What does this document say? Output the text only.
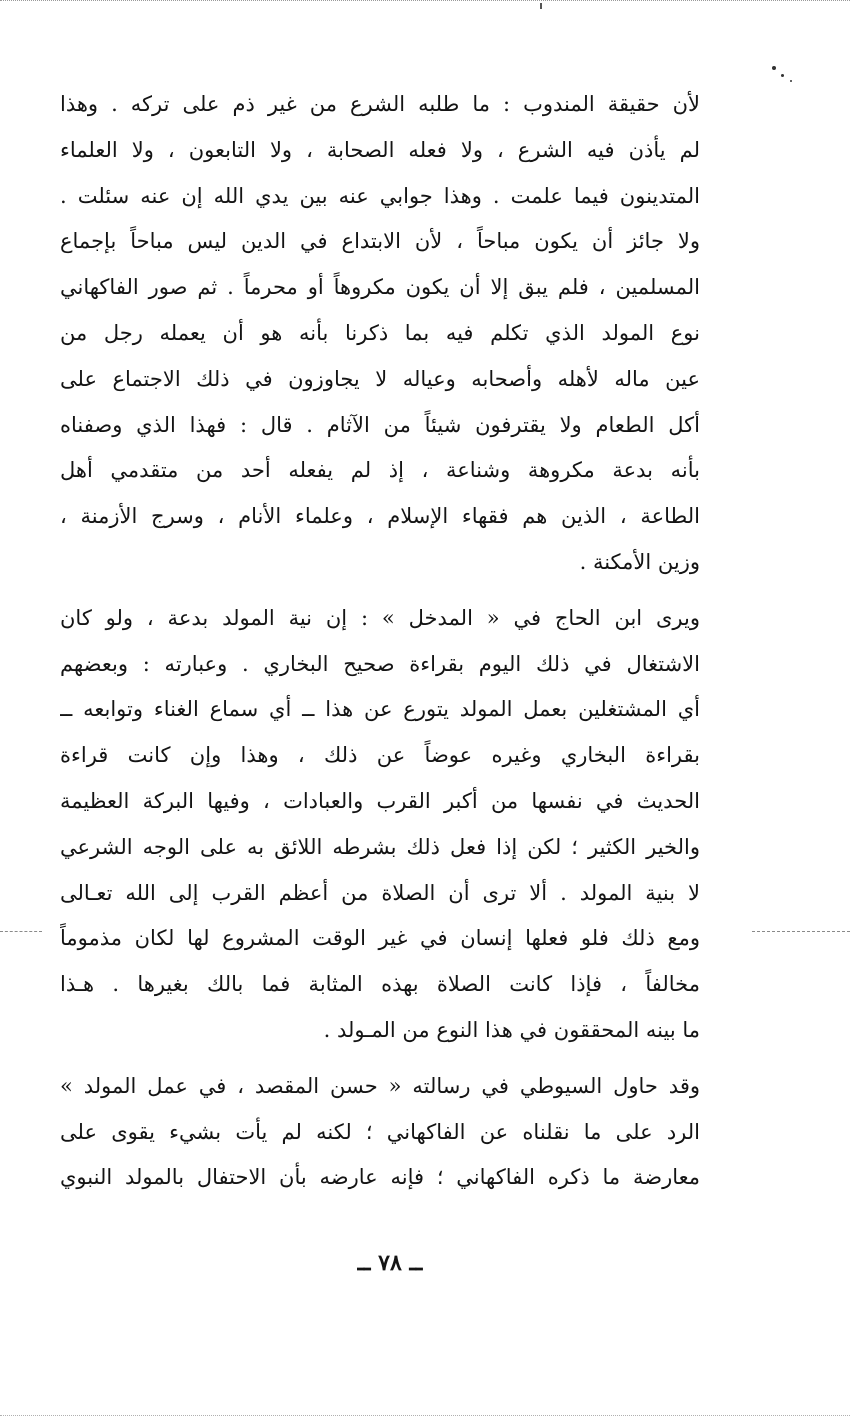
لأن حقيقة المندوب : ما طلبه الشرع من غير ذم على تركه . وهذا
لم يأذن فيه الشرع ، ولا فعله الصحابة ، ولا التابعون ، ولا العلماء
المتدينون فيما علمت . وهذا جوابي عنه بين يدي الله إن عنه سئلت .
ولا جائز أن يكون مباحاً ، لأن الابتداع في الدين ليس مباحاً بإجماع
المسلمين ، فلم يبق إلا أن يكون مكروهاً أو محرماً . ثم صور الفاكهاني
نوع المولد الذي تكلم فيه بما ذكرنا بأنه هو أن يعمله رجل من
عين ماله لأهله وأصحابه وعياله لا يجاوزون في ذلك الاجتماع على
أكل الطعام ولا يقترفون شيئاً من الآثام . قال : فهذا الذي وصفناه
بأنه بدعة مكروهة وشناعة ، إذ لم يفعله أحد من متقدمي أهل
الطاعة ، الذين هم فقهاء الإسلام ، وعلماء الأنام ، وسرج الأزمنة ،
وزين الأمكنة .
ويرى ابن الحاج في « المدخل » : إن نية المولد بدعة ، ولو كان
الاشتغال في ذلك اليوم بقراءة صحيح البخاري . وعبارته : وبعضهم
أي المشتغلين بعمل المولد يتورع عن هذا ــ أي سماع الغناء وتوابعه ــ
بقراءة البخاري وغيره عوضاً عن ذلك ، وهذا وإن كانت قراءة
الحديث في نفسها من أكبر القرب والعبادات ، وفيها البركة العظيمة
والخير الكثير ؛ لكن إذا فعل ذلك بشرطه اللائق به على الوجه الشرعي
لا بنية المولد . ألا ترى أن الصلاة من أعظم القرب إلى الله تعـالى
ومع ذلك فلو فعلها إنسان في غير الوقت المشروع لها لكان مذموماً
مخالفاً ، فإذا كانت الصلاة بهذه المثابة فما بالك بغيرها . هـذا
ما بينه المحققون في هذا النوع من المـولد .
وقد حاول السيوطي في رسالته « حسن المقصد ، في عمل المولد »
الرد على ما نقلناه عن الفاكهاني ؛ لكنه لم يأت بشيء يقوى على
معارضة ما ذكره الفاكهاني ؛ فإنه عارضه بأن الاحتفال بالمولد النبوي
ــ ٧٨ ــ
